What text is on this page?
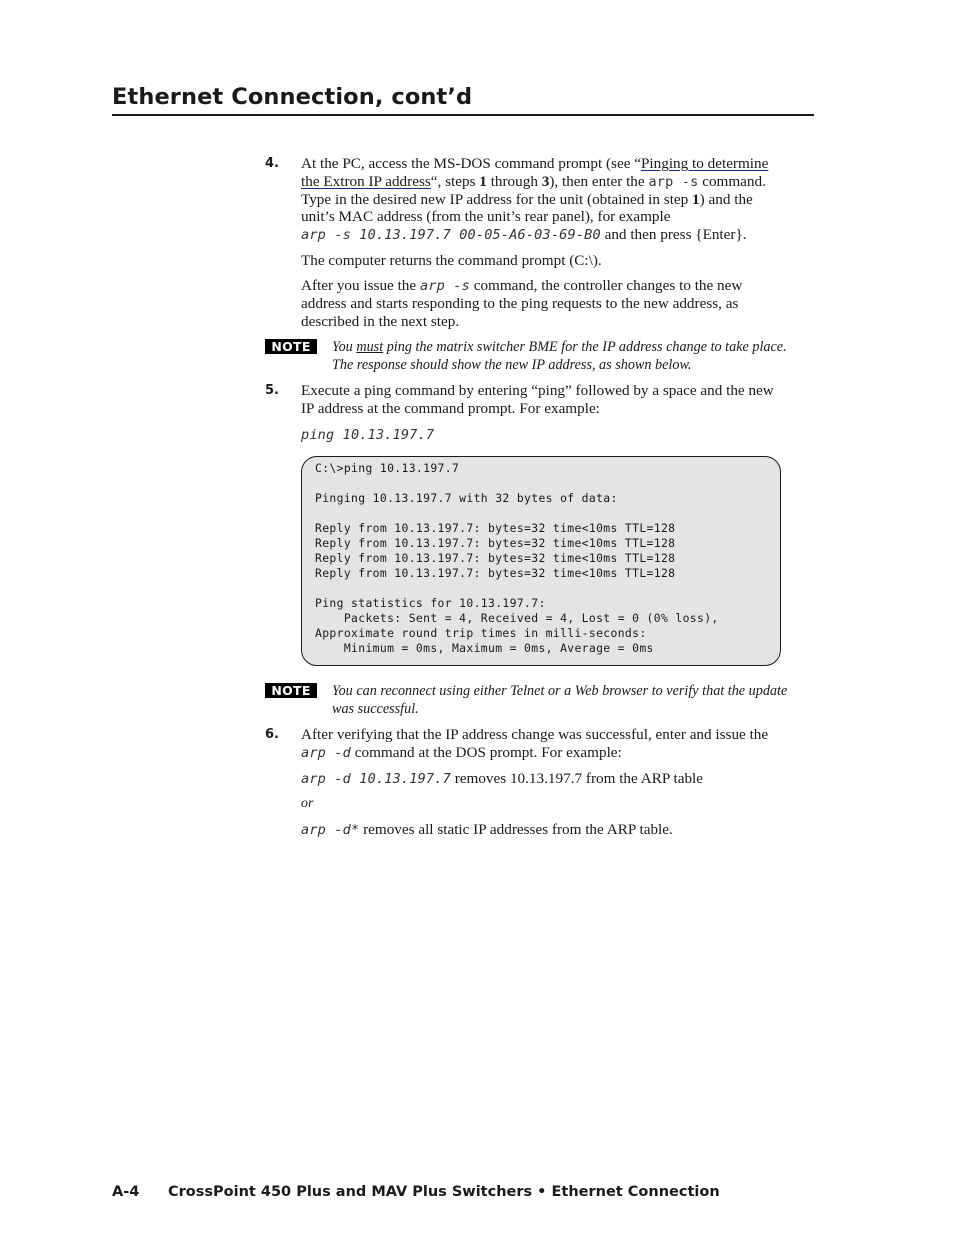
Ethernet Connection, cont’d
4. At the PC, access the MS-DOS command prompt (see “Pinging to determine
the Extron IP address“, steps 1 through 3), then enter the arp -s command.
Type in the desired new IP address for the unit (obtained in step 1) and the
unit’s MAC address (from the unit’s rear panel), for example
arp -s 10.13.197.7 00-05-A6-03-69-B0 and then press {Enter}.
The computer returns the command prompt (C:\).
After you issue the arp -s command, the controller changes to the new
address and starts responding to the ping requests to the new address, as
described in the next step.
NOTE	You must ping the matrix switcher BME for the IP address change to take place.
The response should show the new IP address, as shown below.
5. Execute a ping command by entering “ping” followed by a space and the new
IP address at the command prompt. For example:
ping 10.13.197.7
C:\>ping 10.13.197.7
Pinging 10.13.197.7 with 32 bytes of data:
Reply from 10.13.197.7: bytes=32 time<10ms TTL=128
Reply from 10.13.197.7: bytes=32 time<10ms TTL=128
Reply from 10.13.197.7: bytes=32 time<10ms TTL=128
Reply from 10.13.197.7: bytes=32 time<10ms TTL=128
Ping statistics for 10.13.197.7:
Packets: Sent = 4, Received = 4, Lost = 0 (0% loss),
Approximate round trip times in milli-seconds:
Minimum = 0ms, Maximum = 0ms, Average = 0ms
NOTE	You can reconnect using either Telnet or a Web browser to verify that the update
was successful.
6. After verifying that the IP address change was successful, enter and issue the
arp -d command at the DOS prompt. For example:
arp -d 10.13.197.7 removes 10.13.197.7 from the ARP table
or
arp -d* removes all static IP addresses from the ARP table.
A-4 CrossPoint 450 Plus and MAV Plus Switchers • Ethernet Connection
